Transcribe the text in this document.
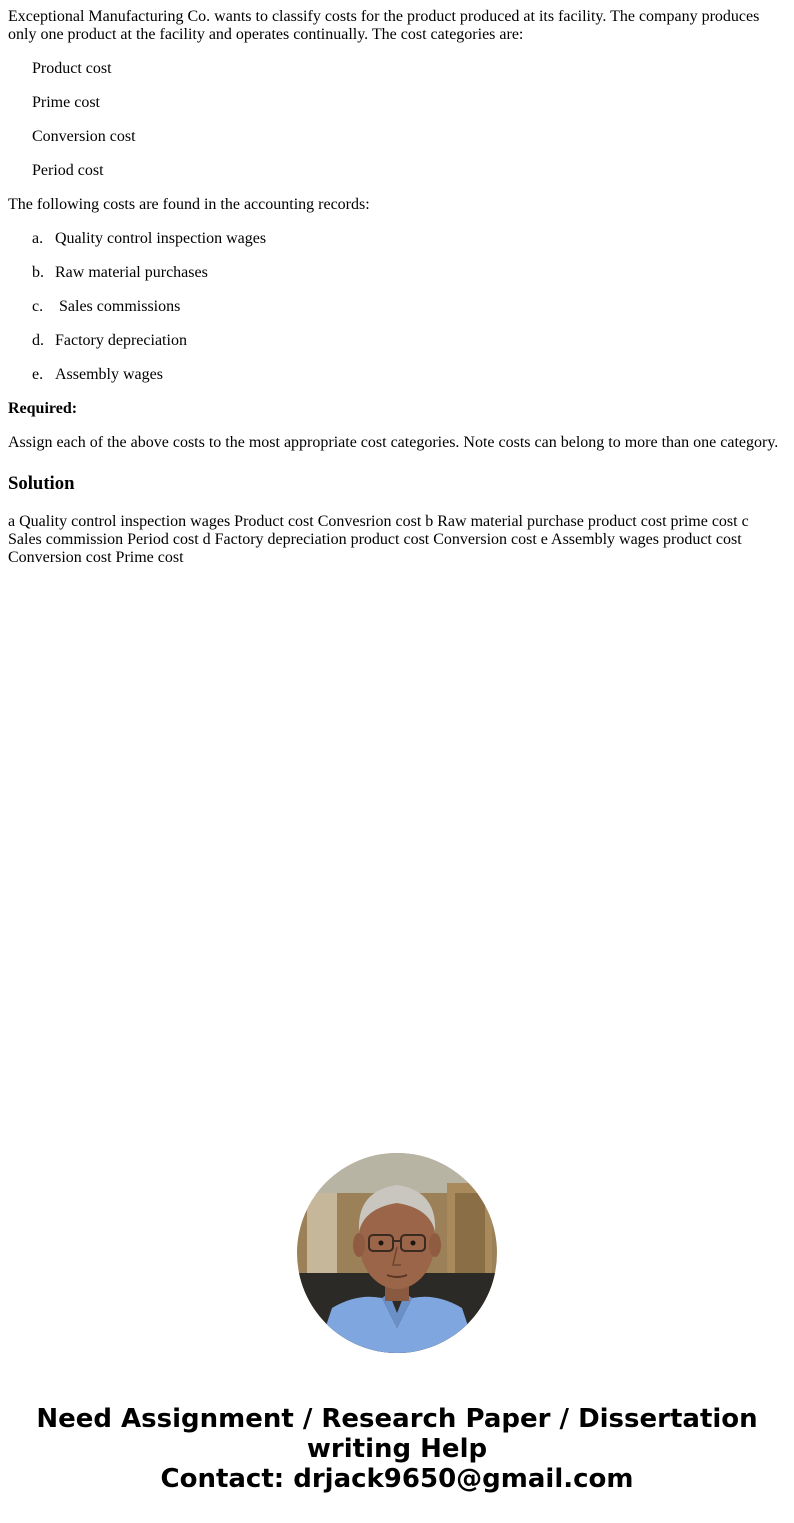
Exceptional Manufacturing Co. wants to classify costs for the product produced at its facility. The company produces only one product at the facility and operates continually. The cost categories are:

Product cost

Prime cost

Conversion cost

Period cost

The following costs are found in the accounting records:

a. Quality control inspection wages

b. Raw material purchases

c. Sales commissions

d. Factory depreciation

e. Assembly wages

Required:

Assign each of the above costs to the most appropriate cost categories. Note costs can belong to more than one category.

Solution

a Quality control inspection wages Product cost Convesrion cost b Raw material purchase product cost prime cost c Sales commission Period cost d Factory depreciation product cost Conversion cost e Assembly wages product cost Conversion cost Prime cost

Need Assignment / Research Paper / Dissertation
writing Help
Contact: drjack9650@gmail.com
